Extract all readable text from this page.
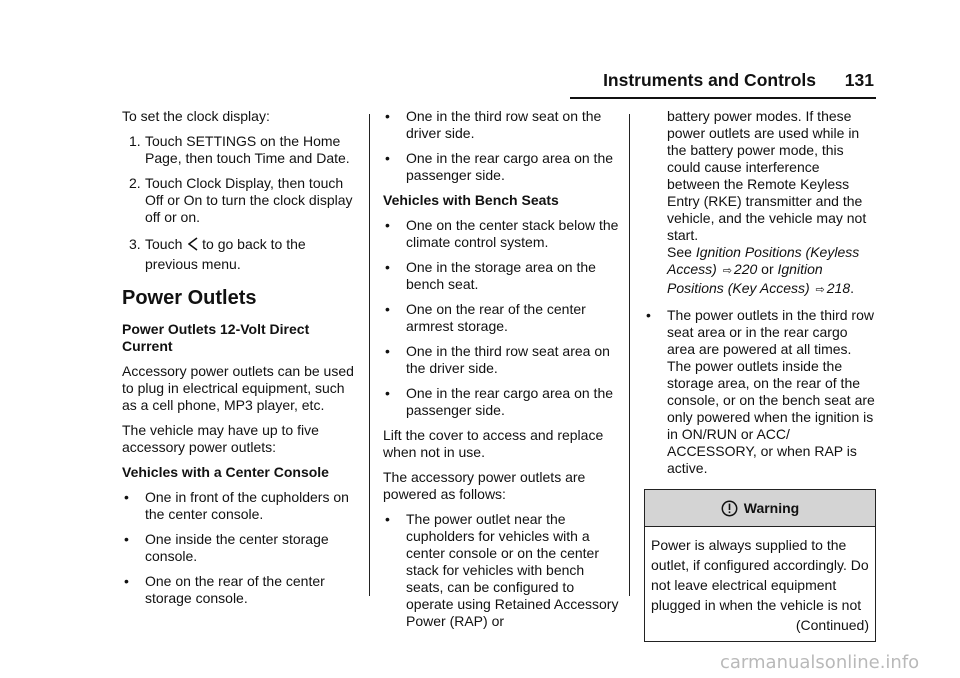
Instruments and Controls 131

To set the clock display:

1. Touch SETTINGS on the Home Page, then touch Time and Date.
2. Touch Clock Display, then touch Off or On to turn the clock display off or on.
3. Touch to go back to the previous menu.
Power Outlets
Power Outlets 12-Volt Direct Current

Accessory power outlets can be used to plug in electrical equipment, such as a cell phone, MP3 player, etc.

The vehicle may have up to five accessory power outlets:

Vehicles with a Center Console
• One in front of the cupholders on the center console.
• One inside the center storage console.
• One on the rear of the center storage console.
• One in the third row seat on the driver side.
• One in the rear cargo area on the passenger side.
Vehicles with Bench Seats
• One on the center stack below the climate control system.
• One in the storage area on the bench seat.
• One on the rear of the center armrest storage.
• One in the third row seat area on the driver side.
• One in the rear cargo area on the passenger side.

Lift the cover to access and replace when not in use.

The accessory power outlets are powered as follows:

• The power outlet near the cupholders for vehicles with a center console or on the center stack for vehicles with bench seats, can be configured to operate using Retained Accessory Power (RAP) or
battery power modes. If these power outlets are used while in the battery power mode, this could cause interference between the Remote Keyless Entry (RKE) transmitter and the vehicle, and the vehicle may not start.
See Ignition Positions (Keyless Access) ⇨ 220 or Ignition Positions (Key Access) ⇨ 218.
• The power outlets in the third row seat area or in the rear cargo area are powered at all times. The power outlets inside the storage area, on the rear of the console, or on the bench seat are only powered when the ignition is in ON/RUN or ACC/ ACCESSORY, or when RAP is active.
Warning
Power is always supplied to the outlet, if configured accordingly. Do not leave electrical equipment plugged in when the vehicle is not
(Continued)
carmanualsonline.info
